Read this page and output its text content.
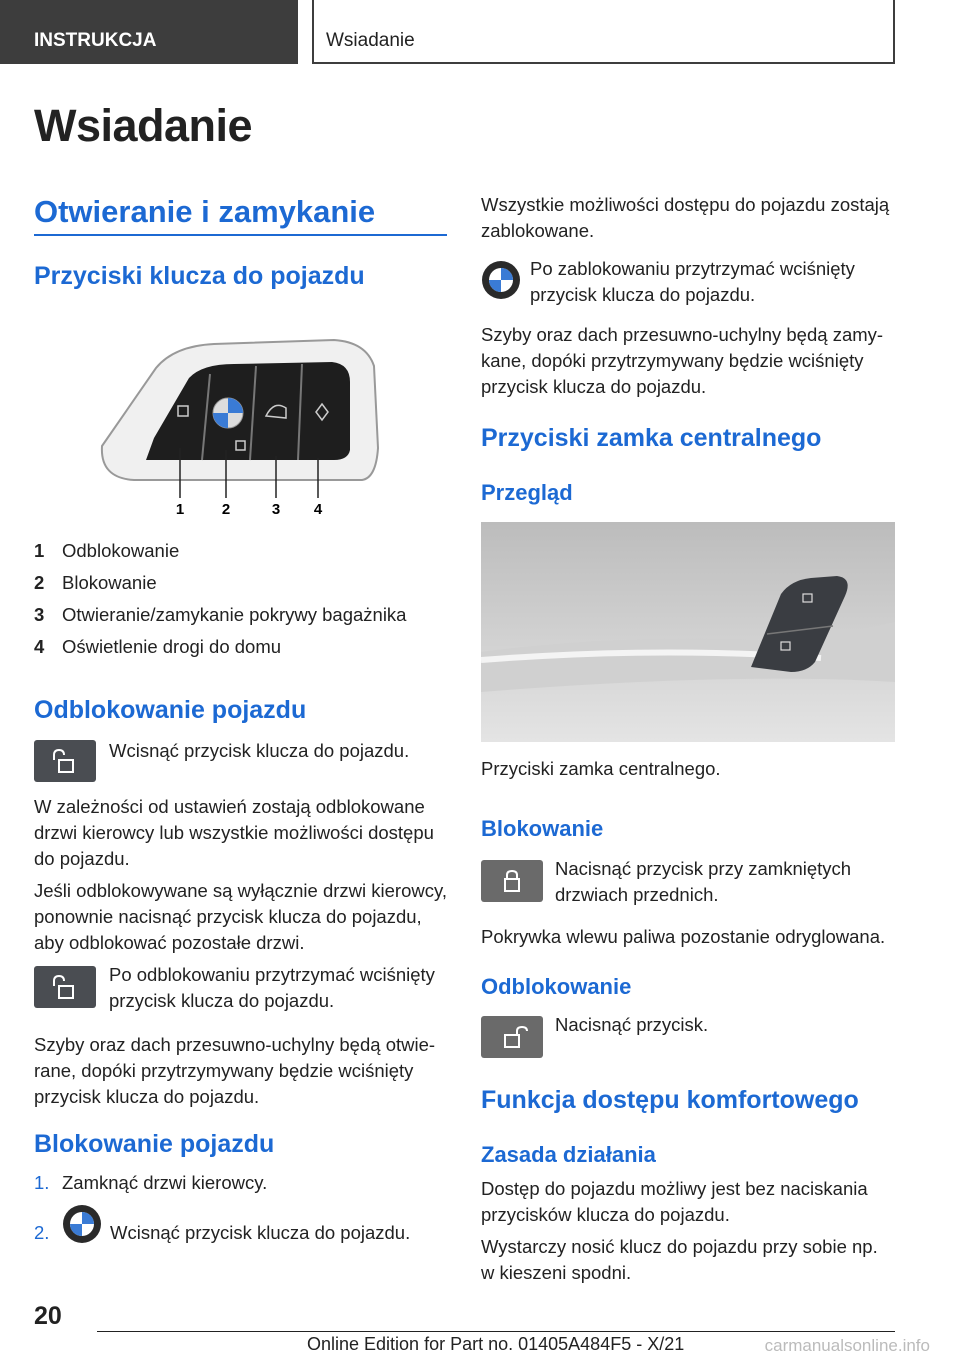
INSTRUKCJA	Wsiadanie
Wsiadanie
Otwieranie i zamykanie
Przyciski klucza do pojazdu
1	2	3 4
1 Odblokowanie
2 Blokowanie
3 Otwieranie/zamykanie pokrywy bagażnika
4 Oświetlenie drogi do domu
Odblokowanie pojazdu
Wcisnąć przycisk klucza do pojazdu.
W zależności od ustawień zostają odblokowane drzwi kierowcy lub wszystkie możliwości dostępu do pojazdu.
Jeśli odblokowywane są wyłącznie drzwi kierowcy, ponownie nacisnąć przycisk klucza do pojazdu, aby odblokować pozostałe drzwi.
Po odblokowaniu przytrzymać wciśnięty przycisk klucza do pojazdu.
Szyby oraz dach przesuwno-uchylny będą otwierane, dopóki przytrzymywany będzie wciśnięty przycisk klucza do pojazdu.
Blokowanie pojazdu
1. Zamknąć drzwi kierowcy.
2.	Wcisnąć przycisk klucza do pojazdu.
Wszystkie możliwości dostępu do pojazdu zostają zablokowane.
Po zablokowaniu przytrzymać wciśnięty przycisk klucza do pojazdu.
Szyby oraz dach przesuwno-uchylny będą zamykane, dopóki przytrzymywany będzie wciśnięty przycisk klucza do pojazdu.
Przyciski zamka centralnego
Przegląd
Przyciski zamka centralnego.
Blokowanie
Nacisnąć przycisk przy zamkniętych drzwiach przednich.
Pokrywka wlewu paliwa pozostanie odryglowana.
Odblokowanie
Nacisnąć przycisk.
Funkcja dostępu komfortowego
Zasada działania
Dostęp do pojazdu możliwy jest bez naciskania przycisków klucza do pojazdu.
Wystarczy nosić klucz do pojazdu przy sobie np. w kieszeni spodni.
20
Online Edition for Part no. 01405A484F5 - X/21	carmanualsonline.info
